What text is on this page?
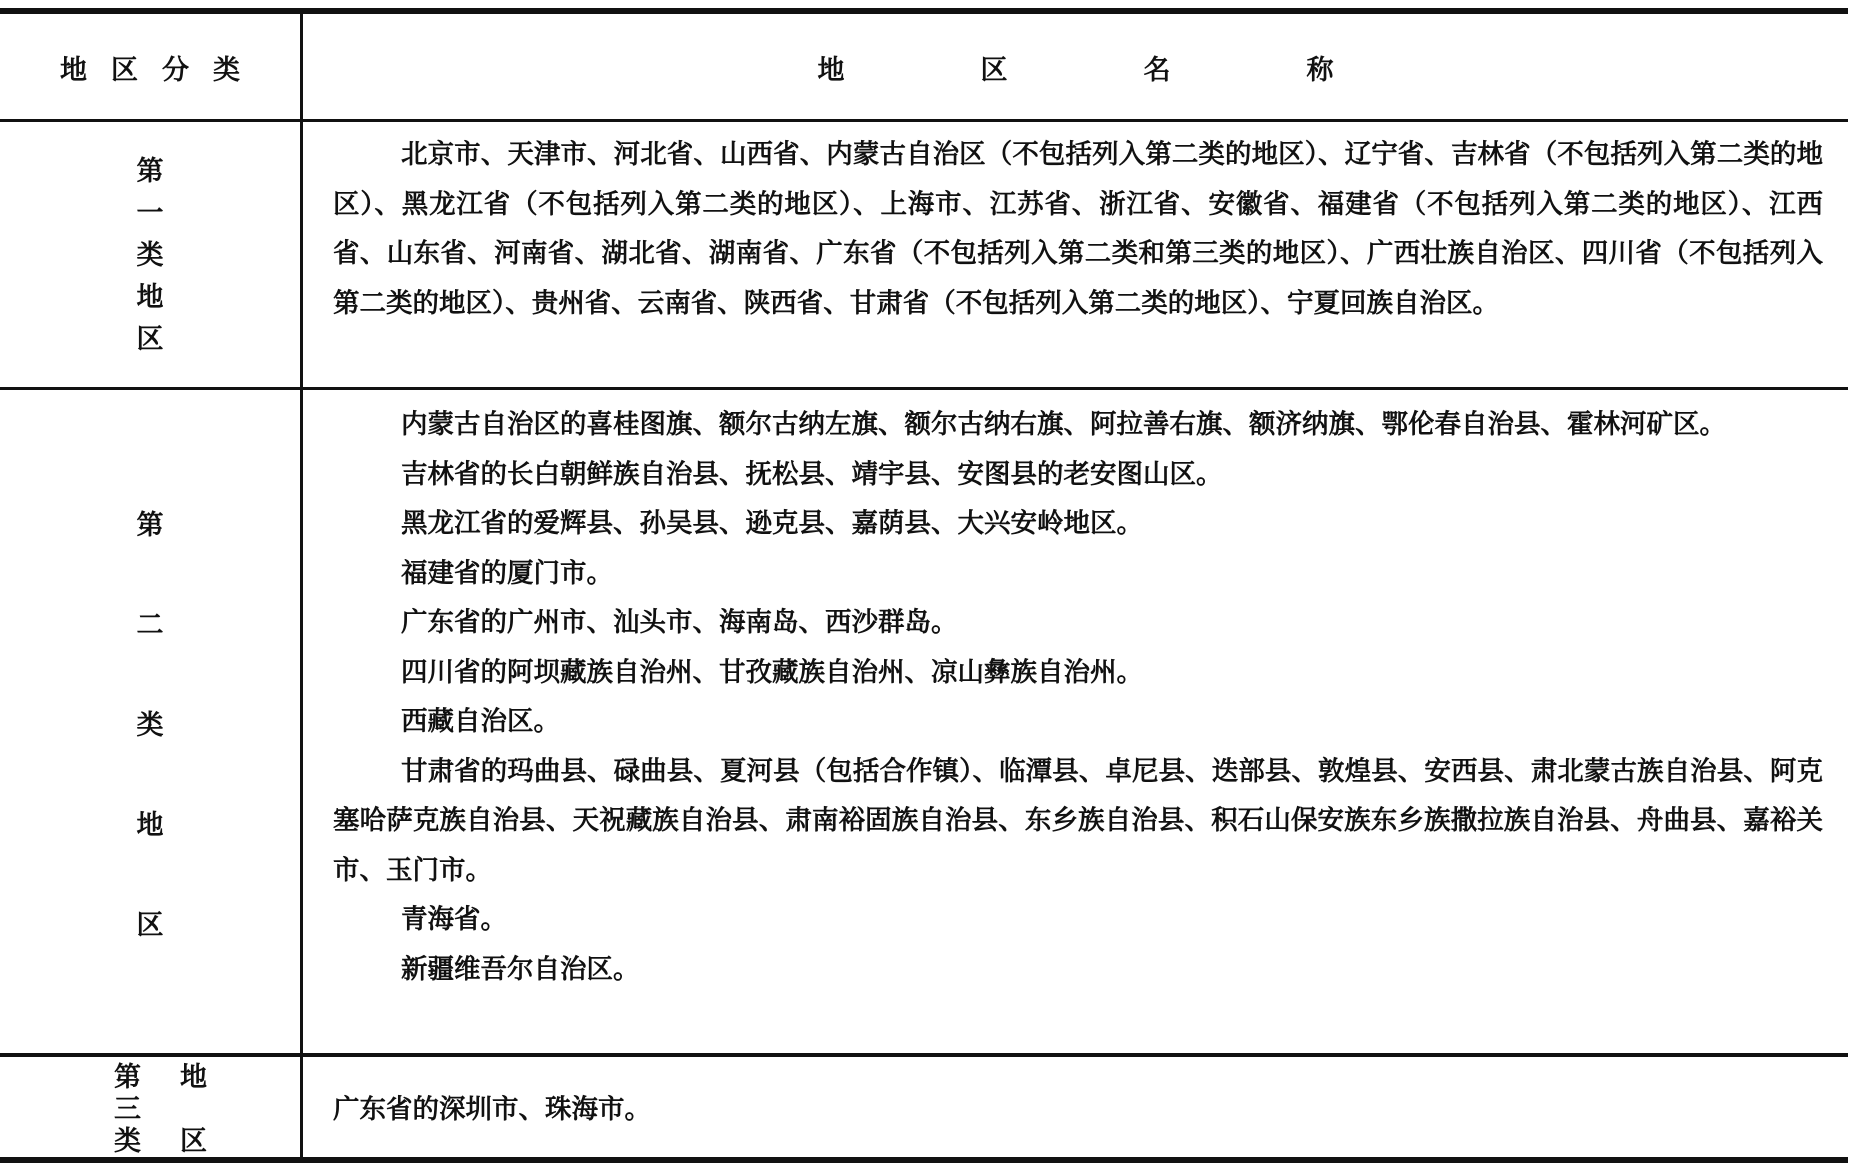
地区分类	地区名称
第
一
类
地
区

北京市、天津市、河北省、山西省、内蒙古自治区（不包括列入第二类的地区）、辽宁省、吉林省（不包括列入第二类的地区）、黑龙江省（不包括列入第二类的地区）、上海市、江苏省、浙江省、安徽省、福建省（不包括列入第二类的地区）、江西省、山东省、河南省、湖北省、湖南省、广东省（不包括列入第二类和第三类的地区）、广西壮族自治区、四川省（不包括列入第二类的地区）、贵州省、云南省、陕西省、甘肃省（不包括列入第二类的地区）、宁夏回族自治区。

第
二
类
地
区

内蒙古自治区的喜桂图旗、额尔古纳左旗、额尔古纳右旗、阿拉善右旗、额济纳旗、鄂伦春自治县、霍林河矿区。

吉林省的长白朝鲜族自治县、抚松县、靖宇县、安图县的老安图山区。

黑龙江省的爱辉县、孙吴县、逊克县、嘉荫县、大兴安岭地区。

福建省的厦门市。

广东省的广州市、汕头市、海南岛、西沙群岛。

四川省的阿坝藏族自治州、甘孜藏族自治州、凉山彝族自治州。

西藏自治区。

甘肃省的玛曲县、碌曲县、夏河县（包括合作镇）、临潭县、卓尼县、迭部县、敦煌县、安西县、肃北蒙古族自治县、阿克塞哈萨克族自治县、天祝藏族自治县、肃南裕固族自治县、东乡族自治县、积石山保安族东乡族撒拉族自治县、舟曲县、嘉裕关市、玉门市。

青海省。

新疆维吾尔自治区。

第 地
三
类 区

广东省的深圳市、珠海市。
